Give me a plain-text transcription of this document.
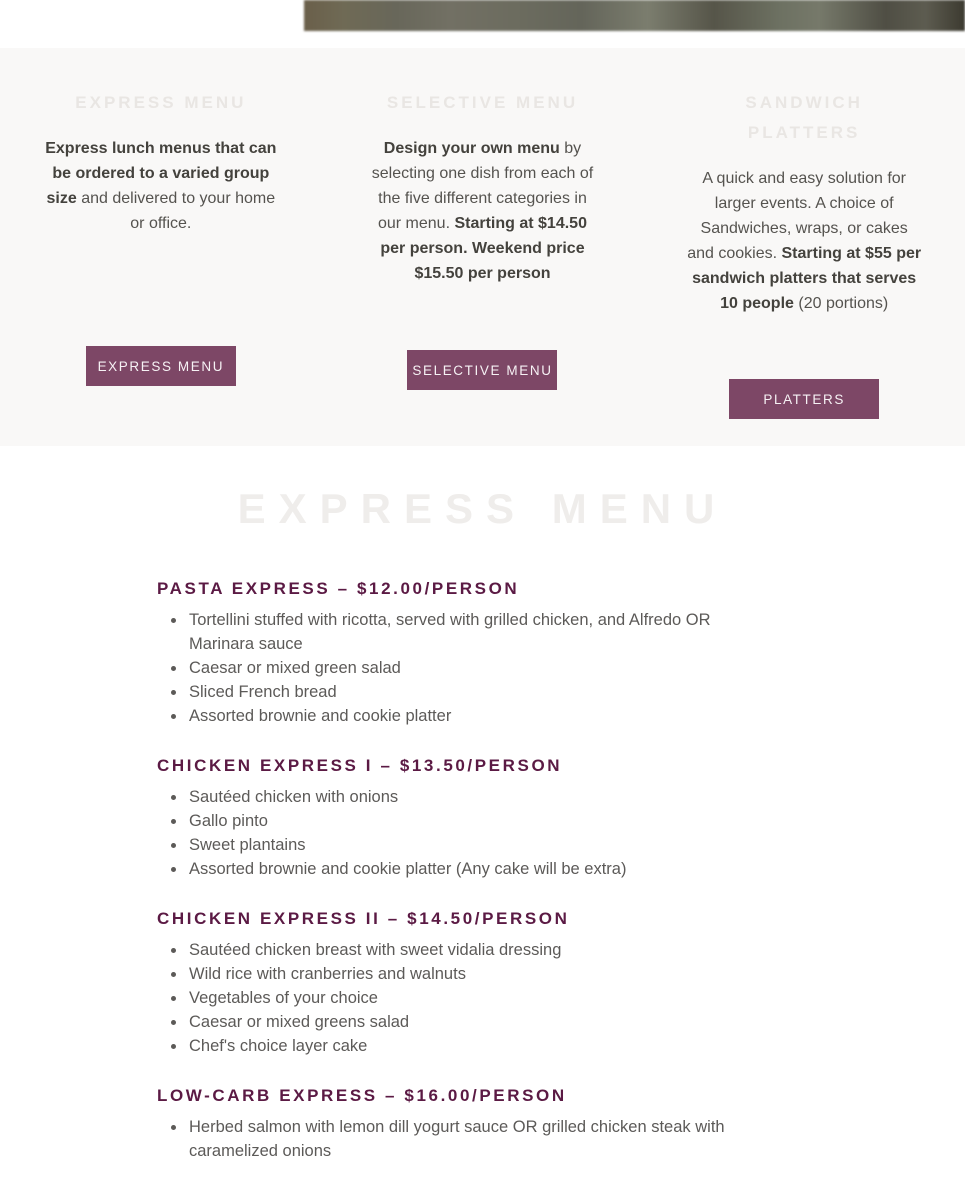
EXPRESS MENU

Express lunch menus that can be ordered to a varied group size and delivered to your home or office.

EXPRESS MENU
SELECTIVE MENU

Design your own menu by selecting one dish from each of the five different categories in our menu. Starting at $14.50 per person. Weekend price $15.50 per person

SELECTIVE MENU
SANDWICH PLATTERS

A quick and easy solution for larger events. A choice of Sandwiches, wraps, or cakes and cookies. Starting at $55 per sandwich platters that serves 10 people (20 portions)

PLATTERS
EXPRESS MENU
PASTA EXPRESS – $12.00/PERSON
• Tortellini stuffed with ricotta, served with grilled chicken, and Alfredo OR Marinara sauce
• Caesar or mixed green salad
• Sliced French bread
• Assorted brownie and cookie platter
CHICKEN EXPRESS I – $13.50/PERSON
• Sautéed chicken with onions
• Gallo pinto
• Sweet plantains
• Assorted brownie and cookie platter (Any cake will be extra)
CHICKEN EXPRESS II – $14.50/PERSON
• Sautéed chicken breast with sweet vidalia dressing
• Wild rice with cranberries and walnuts
• Vegetables of your choice
• Caesar or mixed greens salad
• Chef's choice layer cake
LOW-CARB EXPRESS – $16.00/PERSON
• Herbed salmon with lemon dill yogurt sauce OR grilled chicken steak with caramelized onions
